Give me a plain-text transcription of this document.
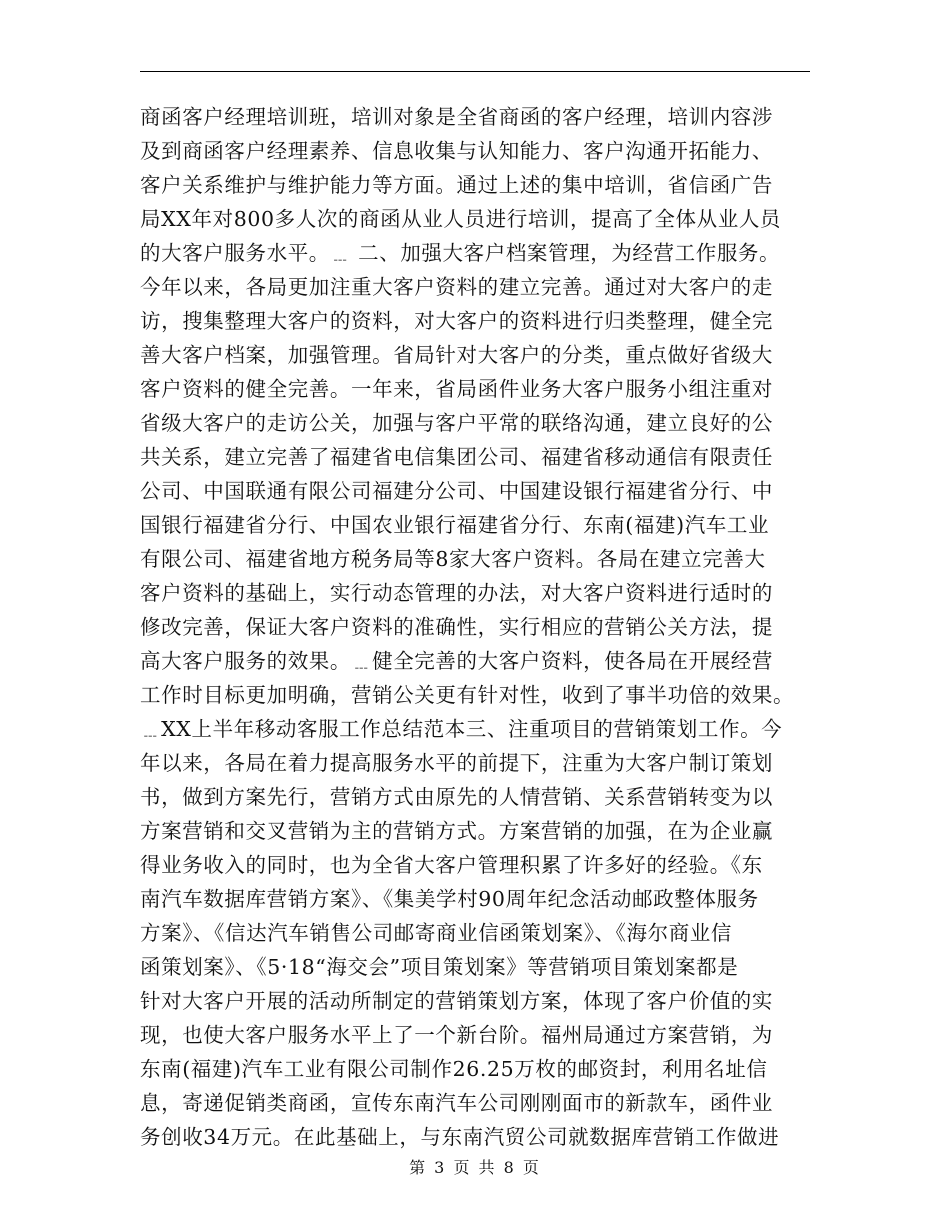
商函客户经理培训班，培训对象是全省商函的客户经理，培训内容涉
及到商函客户经理素养、信息收集与认知能力、客户沟通开拓能力、
客户关系维护与维护能力等方面。通过上述的集中培训，省信函广告
局XX年对800多人次的商函从业人员进行培训，提高了全体从业人员
的大客户服务水平。﹍ 二、加强大客户档案管理，为经营工作服务。
今年以来，各局更加注重大客户资料的建立完善。通过对大客户的走
访，搜集整理大客户的资料，对大客户的资料进行归类整理，健全完
善大客户档案，加强管理。省局针对大客户的分类，重点做好省级大
客户资料的健全完善。一年来，省局函件业务大客户服务小组注重对
省级大客户的走访公关，加强与客户平常的联络沟通，建立良好的公
共关系，建立完善了福建省电信集团公司、福建省移动通信有限责任
公司、中国联通有限公司福建分公司、中国建设银行福建省分行、中
国银行福建省分行、中国农业银行福建省分行、东南(福建)汽车工业
有限公司、福建省地方税务局等8家大客户资料。各局在建立完善大
客户资料的基础上，实行动态管理的办法，对大客户资料进行适时的
修改完善，保证大客户资料的准确性，实行相应的营销公关方法，提
高大客户服务的效果。﹍健全完善的大客户资料，使各局在开展经营
工作时目标更加明确，营销公关更有针对性，收到了事半功倍的效果。
﹍XX上半年移动客服工作总结范本三、注重项目的营销策划工作。今
年以来，各局在着力提高服务水平的前提下，注重为大客户制订策划
书，做到方案先行，营销方式由原先的人情营销、关系营销转变为以
方案营销和交叉营销为主的营销方式。方案营销的加强，在为企业赢
得业务收入的同时，也为全省大客户管理积累了许多好的经验。《东
南汽车数据库营销方案》、《集美学村90周年纪念活动邮政整体服务
方案》、《信达汽车销售公司邮寄商业信函策划案》、《海尔商业信
函策划案》、《5·18“海交会”项目策划案》等营销项目策划案都是
针对大客户开展的活动所制定的营销策划方案，体现了客户价值的实
现，也使大客户服务水平上了一个新台阶。福州局通过方案营销，为
东南(福建)汽车工业有限公司制作26.25万枚的邮资封，利用名址信
息，寄递促销类商函，宣传东南汽车公司刚刚面市的新款车，函件业
务创收34万元。在此基础上，与东南汽贸公司就数据库营销工作做进
第 3 页 共 8 页
